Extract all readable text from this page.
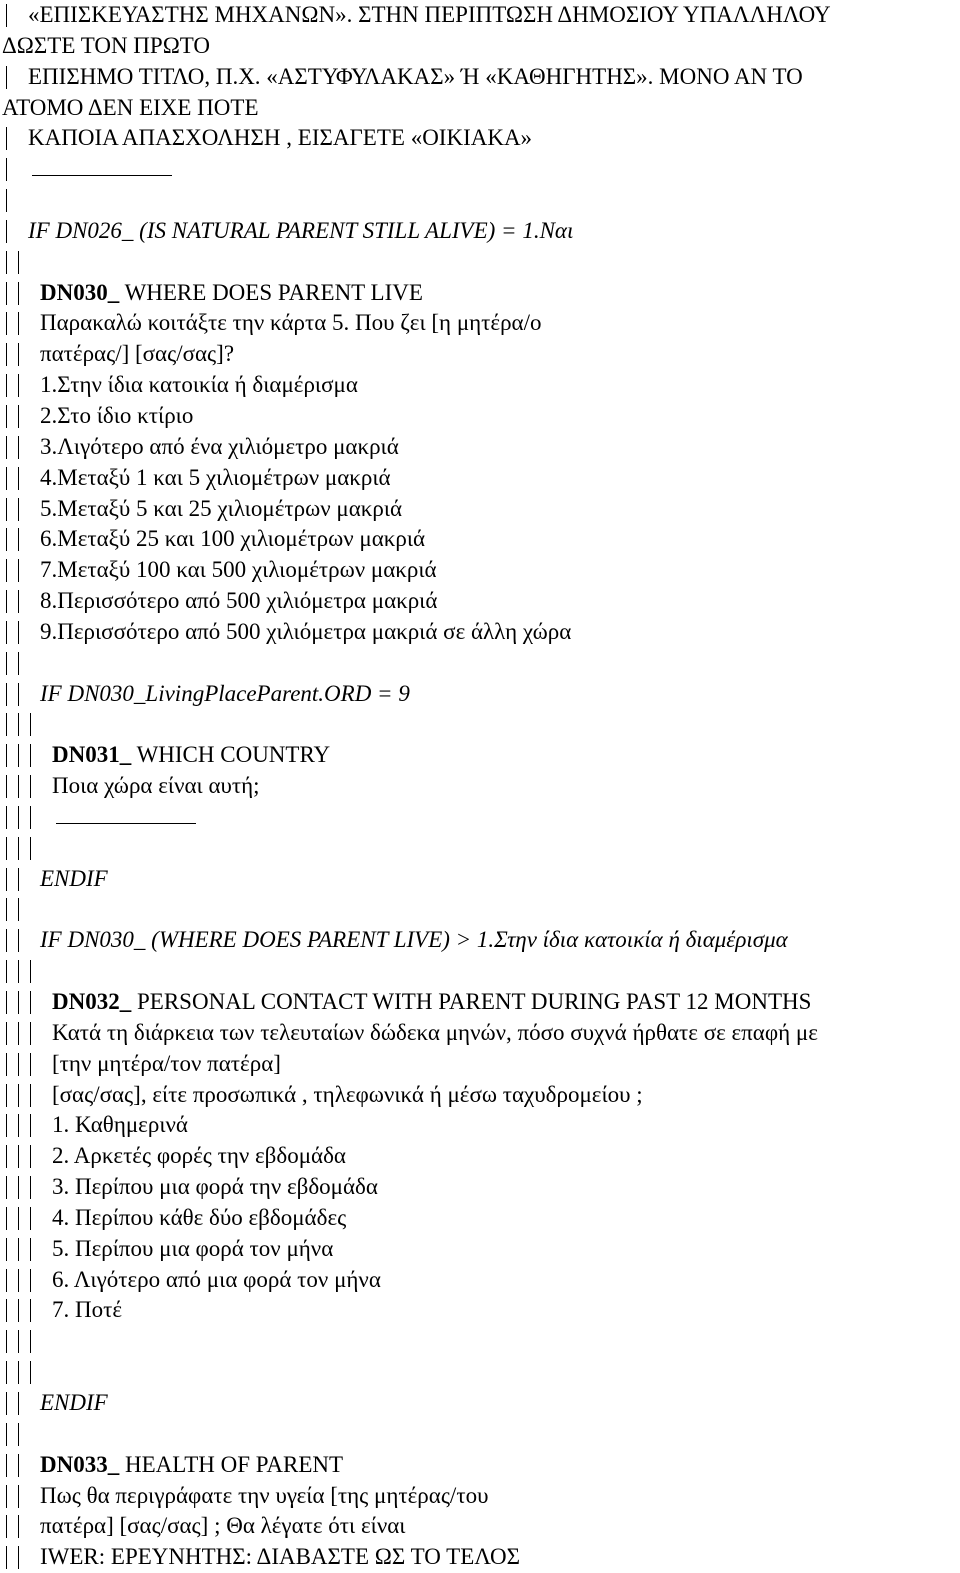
«ΕΠΙΣΚΕΥΑΣΤΗΣ ΜΗΧΑΝΩΝ». ΣΤΗΝ ΠΕΡΙΠΤΩΣΗ ΔΗΜΟΣΙΟΥ ΥΠΑΛΛΗΛΟΥ
ΔΩΣΤΕ ΤΟΝ ΠΡΩΤΟ
ΕΠΙΣΗΜΟ ΤΙΤΛΟ, Π.Χ. «ΑΣΤΥΦΥΛΑΚΑΣ» Ή «ΚΑΘΗΓΗΤΗΣ». ΜΟΝΟ ΑΝ ΤΟ
ΑΤΟΜΟ ΔΕΝ ΕΙΧΕ ΠΟΤΕ
ΚΑΠΟΙΑ ΑΠΑΣΧΟΛΗΣΗ , ΕΙΣΑΓΕΤΕ «ΟΙΚΙΑΚΑ»
IF DN026_ (IS NATURAL PARENT STILL ALIVE) = 1.Ναι
DN030_ WHERE DOES PARENT LIVE
Παρακαλώ κοιτάξτε την κάρτα 5. Που ζει [η μητέρα/ο
πατέρας/] [σας/σας]?
1.Στην ίδια κατοικία ή διαμέρισμα
2.Στο ίδιο κτίριο
3.Λιγότερο από ένα χιλιόμετρο μακριά
4.Μεταξύ 1 και 5 χιλιομέτρων μακριά
5.Μεταξύ 5 και 25 χιλιομέτρων μακριά
6.Μεταξύ 25 και 100 χιλιομέτρων μακριά
7.Μεταξύ 100 και 500 χιλιομέτρων μακριά
8.Περισσότερο από 500 χιλιόμετρα μακριά
9.Περισσότερο από 500 χιλιόμετρα μακριά σε άλλη χώρα
IF DN030_LivingPlaceParent.ORD = 9
DN031_ WHICH COUNTRY
Ποια χώρα είναι αυτή;
ENDIF
IF DN030_ (WHERE DOES PARENT LIVE) > 1.Στην ίδια κατοικία ή διαμέρισμα
DN032_ PERSONAL CONTACT WITH PARENT DURING PAST 12 MONTHS
Κατά τη διάρκεια των τελευταίων δώδεκα μηνών, πόσο συχνά ήρθατε σε επαφή με
[την μητέρα/τον πατέρα]
[σας/σας], είτε προσωπικά , τηλεφωνικά ή μέσω ταχυδρομείου ;
1. Καθημερινά
2. Αρκετές φορές την εβδομάδα
3. Περίπου μια φορά την εβδομάδα
4. Περίπου κάθε δύο εβδομάδες
5. Περίπου μια φορά τον μήνα
6. Λιγότερο από μια φορά τον μήνα
7. Ποτέ
ENDIF
DN033_ HEALTH OF PARENT
Πως θα περιγράφατε την υγεία [της μητέρας/του
πατέρα] [σας/σας] ; Θα λέγατε ότι είναι
IWER: ΕΡΕΥΝΗΤΗΣ: ΔΙΑΒΑΣΤΕ ΩΣ ΤΟ ΤΕΛΟΣ
